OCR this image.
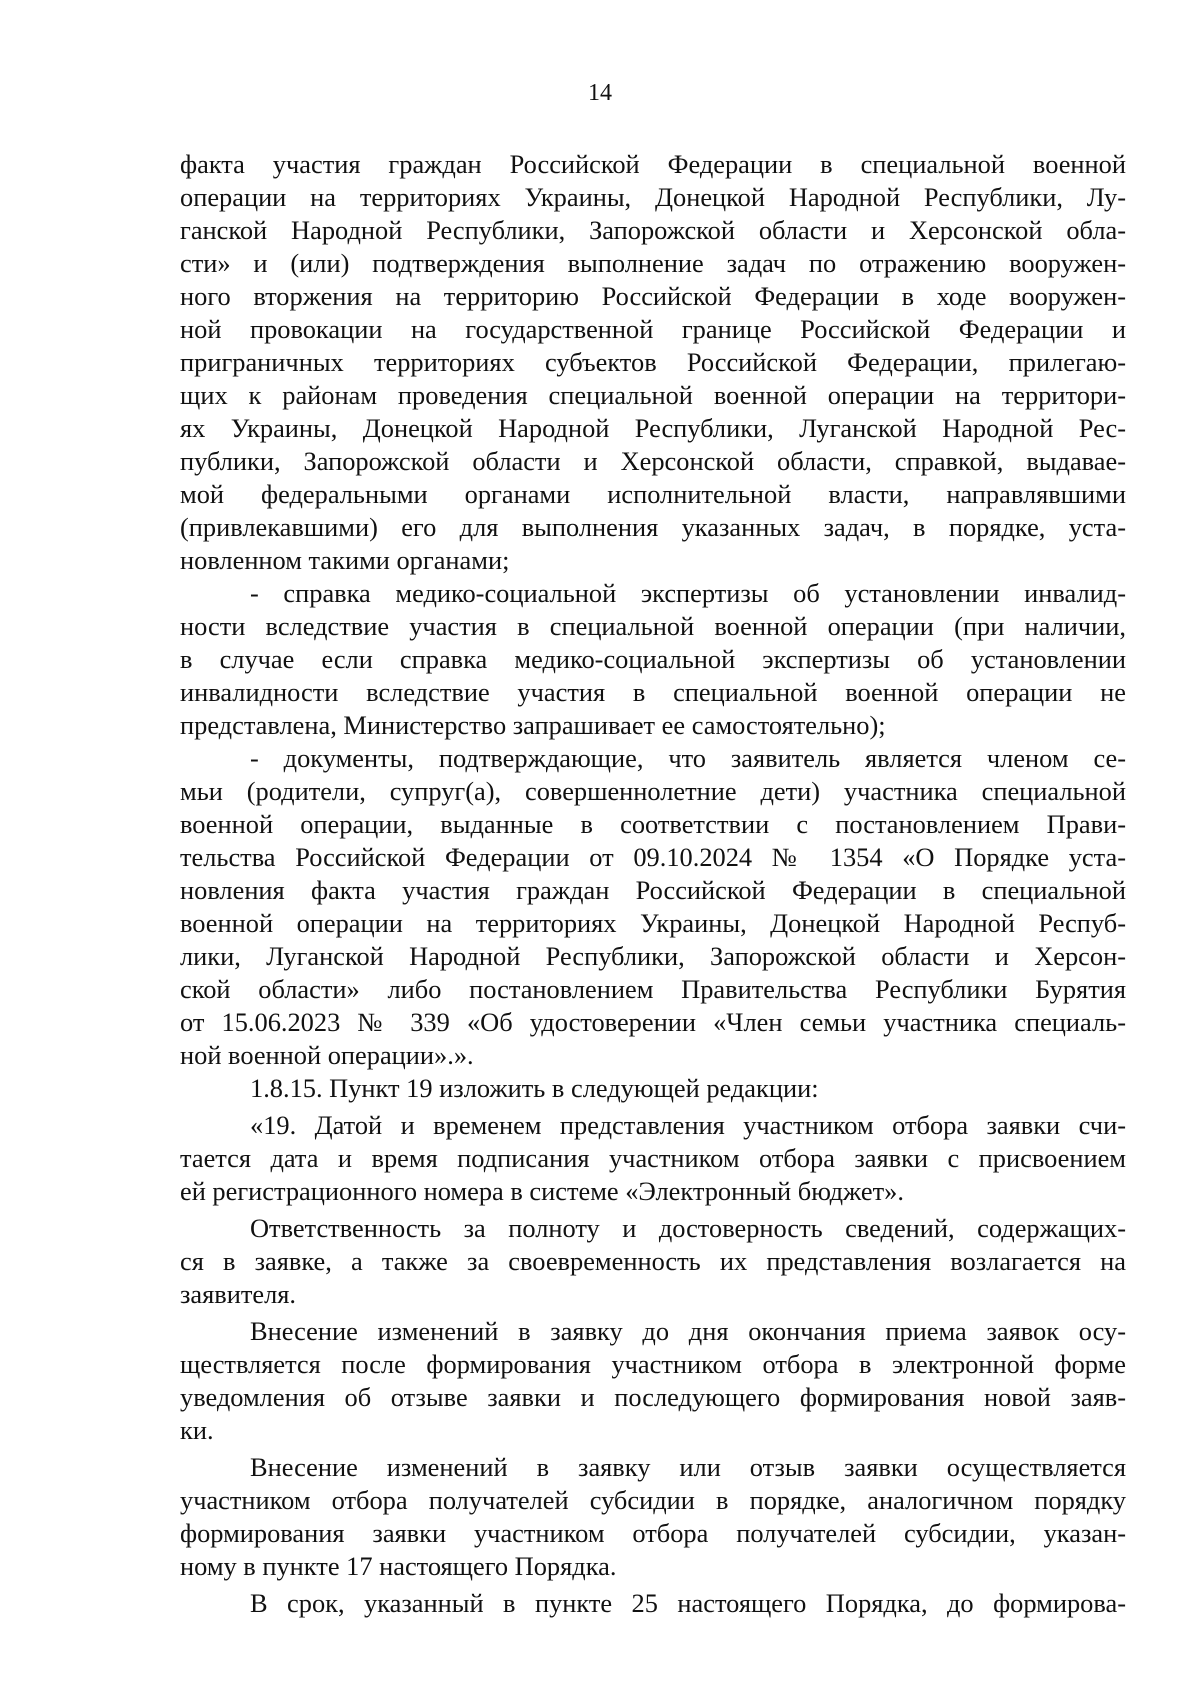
14
факта участия граждан Российской Федерации в специальной военной
операции на территориях Украины, Донецкой Народной Республики, Лу-
ганской Народной Республики, Запорожской области и Херсонской обла-
сти» и (или) подтверждения выполнение задач по отражению вооружен-
ного вторжения на территорию Российской Федерации в ходе вооружен-
ной провокации на государственной границе Российской Федерации и
приграничных территориях субъектов Российской Федерации, прилегаю-
щих к районам проведения специальной военной операции на территори-
ях Украины, Донецкой Народной Республики, Луганской Народной Рес-
публики, Запорожской области и Херсонской области, справкой, выдавае-
мой федеральными органами исполнительной власти, направлявшими
(привлекавшими) его для выполнения указанных задач, в порядке, уста-
новленном такими органами;
- справка медико-социальной экспертизы об установлении инвалид-
ности вследствие участия в специальной военной операции (при наличии,
в случае если справка медико-социальной экспертизы об установлении
инвалидности вследствие участия в специальной военной операции не
представлена, Министерство запрашивает ее самостоятельно);
- документы, подтверждающие, что заявитель является членом се-
мьи (родители, супруг(а), совершеннолетние дети) участника специальной
военной операции, выданные в соответствии с постановлением Прави-
тельства Российской Федерации от 09.10.2024 № 1354 «О Порядке уста-
новления факта участия граждан Российской Федерации в специальной
военной операции на территориях Украины, Донецкой Народной Респуб-
лики, Луганской Народной Республики, Запорожской области и Херсон-
ской области» либо постановлением Правительства Республики Бурятия
от 15.06.2023 № 339 «Об удостоверении «Член семьи участника специаль-
ной военной операции».».
1.8.15. Пункт 19 изложить в следующей редакции:
«19. Датой и временем представления участником отбора заявки счи-
тается дата и время подписания участником отбора заявки с присвоением
ей регистрационного номера в системе «Электронный бюджет».
Ответственность за полноту и достоверность сведений, содержащих-
ся в заявке, а также за своевременность их представления возлагается на
заявителя.
Внесение изменений в заявку до дня окончания приема заявок осу-
ществляется после формирования участником отбора в электронной форме
уведомления об отзыве заявки и последующего формирования новой заяв-
ки.
Внесение изменений в заявку или отзыв заявки осуществляется
участником отбора получателей субсидии в порядке, аналогичном порядку
формирования заявки участником отбора получателей субсидии, указан-
ному в пункте 17 настоящего Порядка.
В срок, указанный в пункте 25 настоящего Порядка, до формирова-
